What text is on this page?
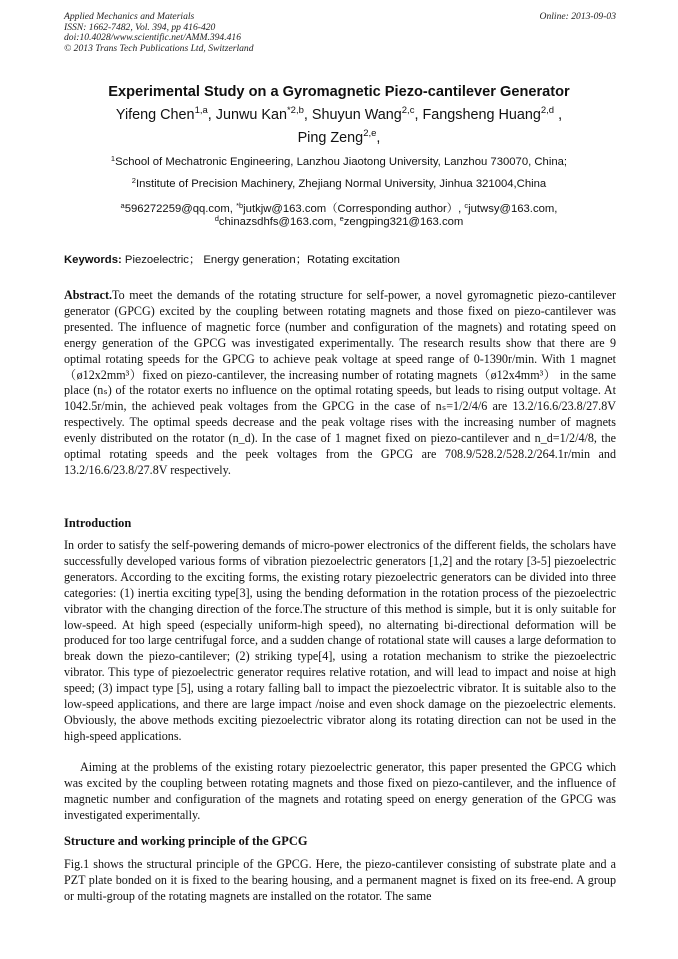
Applied Mechanics and Materials
ISSN: 1662-7482, Vol. 394, pp 416-420
doi:10.4028/www.scientific.net/AMM.394.416
© 2013 Trans Tech Publications Ltd, Switzerland
Online: 2013-09-03
Experimental Study on a Gyromagnetic Piezo-cantilever Generator
Yifeng Chen$^{1,a}$, Junwu Kan$^{*2,b}$, Shuyun Wang$^{2,c}$, Fangsheng Huang$^{2,d}$ ,
Ping Zeng$^{2,e}$,
$^1$School of Mechatronic Engineering, Lanzhou Jiaotong University, Lanzhou 730070, China;
$^2$Institute of Precision Machinery, Zhejiang Normal University, Jinhua 321004,China
$^a$596272259@qq.com, $^{*b}$jutkjw@163.com（Corresponding author）, $^c$jutwsy@163.com,
$^d$chinazsdhfs@163.com, $^e$zengping321@163.com
Keywords: Piezoelectric； Energy generation；Rotating excitation
Abstract.To meet the demands of the rotating structure for self-power, a novel gyromagnetic piezo-cantilever generator (GPCG) excited by the coupling between rotating magnets and those fixed on piezo-cantilever was presented. The influence of magnetic force (number and configuration of the magnets) and rotating speed on energy generation of the GPCG was investigated experimentally. The research results show that there are 9 optimal rotating speeds for the GPCG to achieve peak voltage at speed range of 0-1390r/min. With 1 magnet（ø12x2mm³）fixed on piezo-cantilever, the increasing number of rotating magnets（ø12x4mm³） in the same place (nₛ) of the rotator exerts no influence on the optimal rotating speeds, but leads to rising output voltage. At 1042.5r/min, the achieved peak voltages from the GPCG in the case of nₛ=1/2/4/6 are 13.2/16.6/23.8/27.8V respectively. The optimal speeds decrease and the peak voltage rises with the increasing number of magnets evenly distributed on the rotator (n_d). In the case of 1 magnet fixed on piezo-cantilever and n_d=1/2/4/8, the optimal rotating speeds and the peek voltages from the GPCG are 708.9/528.2/528.2/264.1r/min and 13.2/16.6/23.8/27.8V respectively.
Introduction
In order to satisfy the self-powering demands of micro-power electronics of the different fields, the scholars have successfully developed various forms of vibration piezoelectric generators [1,2] and the rotary [3-5] piezoelectric generators. According to the exciting forms, the existing rotary piezoelectric generators can be divided into three categories: (1) inertia exciting type[3], using the bending deformation in the rotation process of the piezoelectric vibrator with the changing direction of the force.The structure of this method is simple, but it is only suitable for low-speed. At high speed (especially uniform-high speed), no alternating bi-directional deformation will be produced for too large centrifugal force, and a sudden change of rotational state will causes a large deformation to break down the piezo-cantilever; (2) striking type[4], using a rotation mechanism to strike the piezoelectric vibrator. This type of piezoelectric generator requires relative rotation, and will lead to impact and noise at high speed; (3) impact type [5], using a rotary falling ball to impact the piezoelectric vibrator. It is suitable also to the low-speed applications, and there are large impact /noise and even shock damage on the piezoelectric elements. Obviously, the above methods exciting piezoelectric vibrator along its rotating direction can not be used in the high-speed applications.
Aiming at the problems of the existing rotary piezoelectric generator, this paper presented the GPCG which was excited by the coupling between rotating magnets and those fixed on piezo-cantilever, and the influence of magnetic number and configuration of the magnets and rotating speed on energy generation of the GPCG was investigated experimentally.
Structure and working principle of the GPCG
Fig.1 shows the structural principle of the GPCG. Here, the piezo-cantilever consisting of substrate plate and a PZT plate bonded on it is fixed to the bearing housing, and a permanent magnet is fixed on its free-end. A group or multi-group of the rotating magnets are installed on the rotator. The same
